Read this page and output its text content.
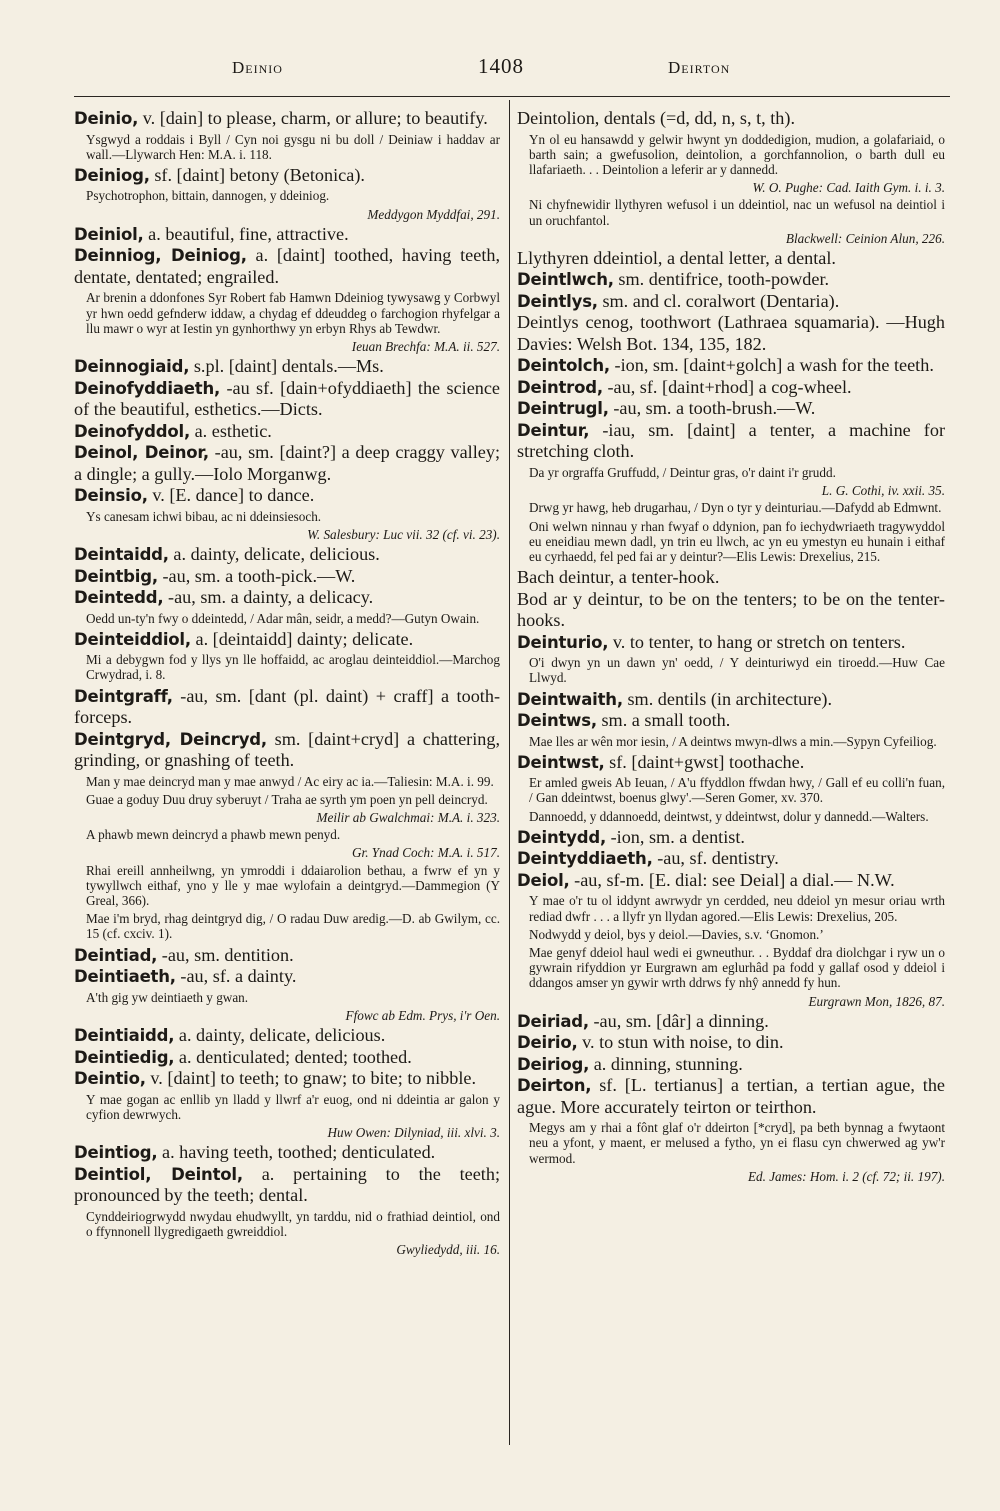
Deinio	1408	Deirton

Deinio, v. [dain] to please, charm, or allure; to beautify.

Ysgwyd a roddais i Byll / Cyn noi gysgu ni bu doll / Deiniaw i haddav ar wall.—Llywarch Hen: M.A. i. 118.

Deiniog, sf. [daint] betony (Betonica).

Psychotrophon, bittain, dannogen, y ddeiniog.

Meddygon Myddfai, 291.

Deiniol, a. beautiful, fine, attractive.

Deinniog, Deiniog, a. [daint] toothed, having teeth, dentate, dentated; engrailed.

Ar brenin a ddonfones Syr Robert fab Hamwn Ddeiniog tywysawg y Corbwyl yr hwn oedd gefnderw iddaw, a chydag ef ddeuddeg o farchogion rhyfelgar a llu mawr o wyr at Iestin yn gynhorthwy yn erbyn Rhys ab Tewdwr.

Ieuan Brechfa: M.A. ii. 527.

Deinnogiaid, s.pl. [daint] dentals.—Ms.

Deinofyddiaeth, -au sf. [dain+ofyddiaeth] the science of the beautiful, esthetics.—Dicts.

Deinofyddol, a. esthetic.

Deinol, Deinor, -au, sm. [daint?] a deep craggy valley; a dingle; a gully.—Iolo Morganwg.

Deinsio, v. [E. dance] to dance.

Ys canesam ichwi bibau, ac ni ddeinsiesoch.

W. Salesbury: Luc vii. 32 (cf. vi. 23).

Deintaidd, a. dainty, delicate, delicious.

Deintbig, -au, sm. a tooth-pick.—W.

Deintedd, -au, sm. a dainty, a delicacy.

Oedd un-ty'n fwy o ddeintedd, / Adar mân, seidr, a medd?—Gutyn Owain.

Deinteiddiol, a. [deintaidd] dainty; delicate.

Mi a debygwn fod y llys yn lle hoffaidd, ac aroglau deinteiddiol.—Marchog Crwydrad, i. 8.

Deintgraff, -au, sm. [dant (pl. daint) + craff] a tooth-forceps.

Deintgryd, Deincryd, sm. [daint+cryd] a chattering, grinding, or gnashing of teeth.

Man y mae deincryd man y mae anwyd / Ac eiry ac ia.—Taliesin: M.A. i. 99.

Guae a goduy Duu druy syberuyt / Traha ae syrth ym poen yn pell deincryd.

Meilir ab Gwalchmai: M.A. i. 323.

A phawb mewn deincryd a phawb mewn penyd.

Gr. Ynad Coch: M.A. i. 517.

Rhai ereill annheilwng, yn ymroddi i ddaiarolion bethau, a fwrw ef yn y tywyllwch eithaf, yno y lle y mae wylofain a deintgryd.—Dammegion (Y Greal, 366).

Mae i'm bryd, rhag deintgryd dig, / O radau Duw aredig.—D. ab Gwilym, cc. 15 (cf. cxciv. 1).

Deintiad, -au, sm. dentition.

Deintiaeth, -au, sf. a dainty.

A'th gig yw deintiaeth y gwan.

Ffowc ab Edm. Prys, i'r Oen.

Deintiaidd, a. dainty, delicate, delicious.

Deintiedig, a. denticulated; dented; toothed.

Deintio, v. [daint] to teeth; to gnaw; to bite; to nibble.

Y mae gogan ac enllib yn lladd y llwrf a'r euog, ond ni ddeintia ar galon y cyfion dewrwych.

Huw Owen: Dilyniad, iii. xlvi. 3.

Deintiog, a. having teeth, toothed; denticulated.

Deintiol, Deintol, a. pertaining to the teeth; pronounced by the teeth; dental.

Cynddeiriogrwydd nwydau ehudwyllt, yn tarddu, nid o frathiad deintiol, ond o ffynnonell llygredigaeth gwreiddiol.

Gwyliedydd, iii. 16.

Deintolion, dentals (=d, dd, n, s, t, th).

Yn ol eu hansawdd y gelwir hwynt yn doddedigion, mudion, a golafariaid, o barth sain; a gwefusolion, deintolion, a gorchfannolion, o barth dull eu llafariaeth. . . Deintolion a leferir ar y dannedd.

W. O. Pughe: Cad. Iaith Gym. i. i. 3.

Ni chyfnewidir llythyren wefusol i un ddeintiol, nac un wefusol na deintiol i un oruchfantol.

Blackwell: Ceinion Alun, 226.

Llythyren ddeintiol, a dental letter, a dental.

Deintlwch, sm. dentifrice, tooth-powder.

Deintlys, sm. and cl. coralwort (Dentaria).

Deintlys cenog, toothwort (Lathraea squamaria). —Hugh Davies: Welsh Bot. 134, 135, 182.

Deintolch, -ion, sm. [daint+golch] a wash for the teeth.

Deintrod, -au, sf. [daint+rhod] a cog-wheel.

Deintrugl, -au, sm. a tooth-brush.—W.

Deintur, -iau, sm. [daint] a tenter, a machine for stretching cloth.

Da yr orgraffa Gruffudd, / Deintur gras, o'r daint i'r grudd.

L. G. Cothi, iv. xxii. 35.

Drwg yr hawg, heb drugarhau, / Dyn o tyr y deinturiau.—Dafydd ab Edmwnt.

Oni welwn ninnau y rhan fwyaf o ddynion, pan fo iechydwriaeth tragywyddol eu eneidiau mewn dadl, yn trin eu llwch, ac yn eu ymestyn eu hunain i eithaf eu cyrhaedd, fel ped fai ar y deintur?—Elis Lewis: Drexelius, 215.

Bach deintur, a tenter-hook.

Bod ar y deintur, to be on the tenters; to be on the tenter-hooks.

Deinturio, v. to tenter, to hang or stretch on tenters.

O'i dwyn yn un dawn yn' oedd, / Y deinturiwyd ein tiroedd.—Huw Cae Llwyd.

Deintwaith, sm. dentils (in architecture).

Deintws, sm. a small tooth.

Mae lles ar wên mor iesin, / A deintws mwyn-dlws a min.—Sypyn Cyfeiliog.

Deintwst, sf. [daint+gwst] toothache.

Er amled gweis Ab Ieuan, / A'u ffyddlon ffwdan hwy, / Gall ef eu colli'n fuan, / Gan ddeintwst, boenus glwy'.—Seren Gomer, xv. 370.

Dannoedd, y ddannoedd, deintwst, y ddeintwst, dolur y dannedd.—Walters.

Deintydd, -ion, sm. a dentist.

Deintyddiaeth, -au, sf. dentistry.

Deiol, -au, sf-m. [E. dial: see Deial] a dial.— N.W.

Y mae o'r tu ol iddynt awrwydr yn cerdded, neu ddeiol yn mesur oriau wrth rediad dwfr . . . a llyfr yn llydan agored.—Elis Lewis: Drexelius, 205.

Nodwydd y deiol, bys y deiol.—Davies, s.v. ‘Gnomon.’

Mae genyf ddeiol haul wedi ei gwneuthur. . . Byddaf dra diolchgar i ryw un o gywrain rifyddion yr Eurgrawn am eglurhâd pa fodd y gallaf osod y ddeiol i ddangos amser yn gywir wrth ddrws fy nhŷ annedd fy hun.

Eurgrawn Mon, 1826, 87.

Deiriad, -au, sm. [dâr] a dinning.

Deirio, v. to stun with noise, to din.

Deiriog, a. dinning, stunning.

Deirton, sf. [L. tertianus] a tertian, a tertian ague, the ague. More accurately teirton or teirthon.

Megys am y rhai a fônt glaf o'r ddeirton [*cryd], pa beth bynnag a fwytaont neu a yfont, y maent, er melused a fytho, yn ei flasu cyn chwerwed ag yw'r wermod.

Ed. James: Hom. i. 2 (cf. 72; ii. 197).
